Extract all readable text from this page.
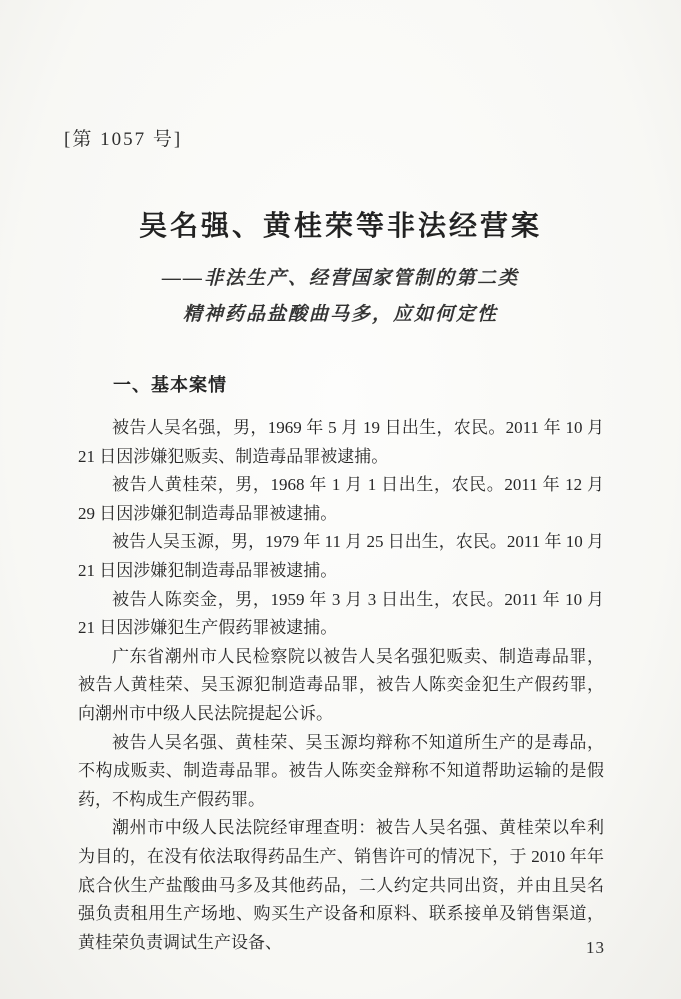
[第 1057 号]
吴名强、黄桂荣等非法经营案
——非法生产、经营国家管制的第二类
精神药品盐酸曲马多，应如何定性
一、基本案情

被告人吴名强，男，1969 年 5 月 19 日出生，农民。2011 年 10 月 21 日因涉嫌犯贩卖、制造毒品罪被逮捕。

被告人黄桂荣，男，1968 年 1 月 1 日出生，农民。2011 年 12 月 29 日因涉嫌犯制造毒品罪被逮捕。

被告人吴玉源，男，1979 年 11 月 25 日出生，农民。2011 年 10 月 21 日因涉嫌犯制造毒品罪被逮捕。

被告人陈奕金，男，1959 年 3 月 3 日出生，农民。2011 年 10 月 21 日因涉嫌犯生产假药罪被逮捕。

广东省潮州市人民检察院以被告人吴名强犯贩卖、制造毒品罪，被告人黄桂荣、吴玉源犯制造毒品罪，被告人陈奕金犯生产假药罪，向潮州市中级人民法院提起公诉。

被告人吴名强、黄桂荣、吴玉源均辩称不知道所生产的是毒品，不构成贩卖、制造毒品罪。被告人陈奕金辩称不知道帮助运输的是假药，不构成生产假药罪。

潮州市中级人民法院经审理查明：被告人吴名强、黄桂荣以牟利为目的，在没有依法取得药品生产、销售许可的情况下，于 2010 年年底合伙生产盐酸曲马多及其他药品，二人约定共同出资，并由且吴名强负责租用生产场地、购买生产设备和原料、联系接单及销售渠道，黄桂荣负责调试生产设备、	13
